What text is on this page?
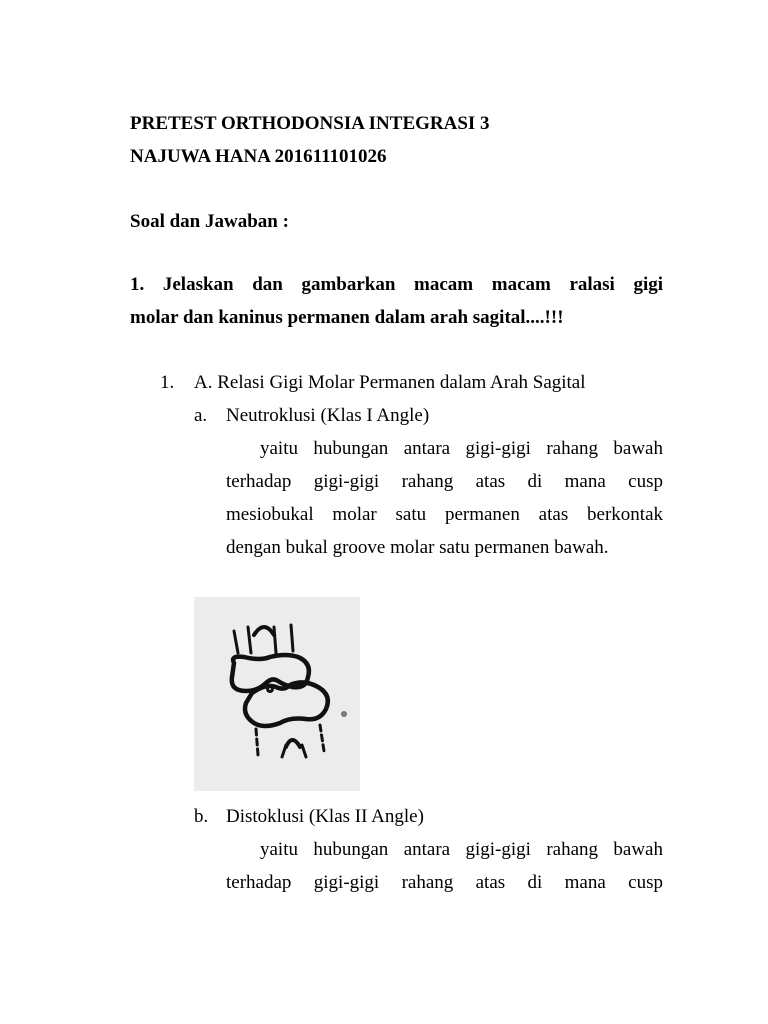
PRETEST ORTHODONSIA INTEGRASI 3
NAJUWA HANA 201611101026
Soal dan Jawaban :
1. Jelaskan dan gambarkan macam macam ralasi gigi
molar dan kaninus permanen dalam arah sagital....!!!
1. A. Relasi Gigi Molar Permanen dalam Arah Sagital
a. Neutroklusi (Klas I Angle)
yaitu hubungan antara gigi-gigi rahang bawah
terhadap gigi-gigi rahang atas di mana cusp
mesiobukal molar satu permanen atas berkontak
dengan bukal groove molar satu permanen bawah.
b. Distoklusi (Klas II Angle)
yaitu hubungan antara gigi-gigi rahang bawah
terhadap gigi-gigi rahang atas di mana cusp
